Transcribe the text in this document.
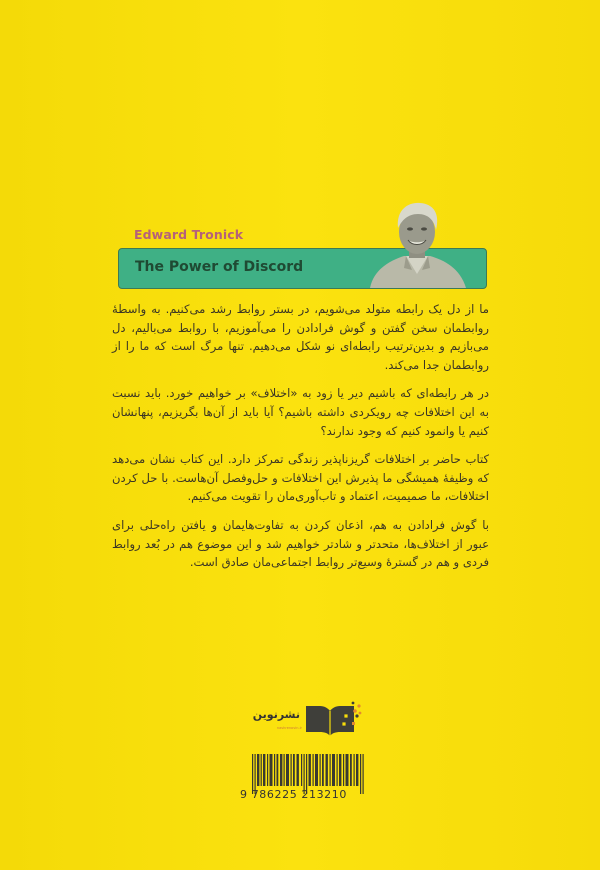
Edward Tronick
The Power of Discord

ما از دل یک رابطه متولد می‌شویم، در بستر روابط رشد می‌کنیم. به واسطهٔ روابطمان سخن گفتن و گوش فرادادن را می‌آموزیم، با روابط می‌بالیم، دل می‌بازیم و بدین‌ترتیب رابطه‌ای نو شکل می‌دهیم. تنها مرگ است که ما را از روابطمان جدا می‌کند.

در هر رابطه‌ای که باشیم دیر یا زود به «اختلاف» بر خواهیم خورد. باید نسبت به این اختلافات چه رویکردی داشته باشیم؟ آیا باید از آن‌ها بگریزیم، پنهانشان کنیم یا وانمود کنیم که وجود ندارند؟

کتاب حاضر بر اختلافات گریزناپذیر زندگی تمرکز دارد. این کتاب نشان می‌دهد که وظیفهٔ همیشگی ما پذیرش این اختلافات و حل‌وفصل آن‌هاست. با حل کردن اختلافات، ما صمیمیت، اعتماد و تاب‌آوری‌مان را تقویت می‌کنیم.

با گوش فرادادن به هم، اذعان کردن به تفاوت‌هایمان و یافتن راه‌حلی برای عبور از اختلاف‌ها، متحدتر و شادتر خواهیم شد و این موضوع هم در بُعد روابط فردی و هم در گسترهٔ وسیع‌تر روابط اجتماعی‌مان صادق است.

نشرنوین
nashrenovin.ir
9 786225 213210
